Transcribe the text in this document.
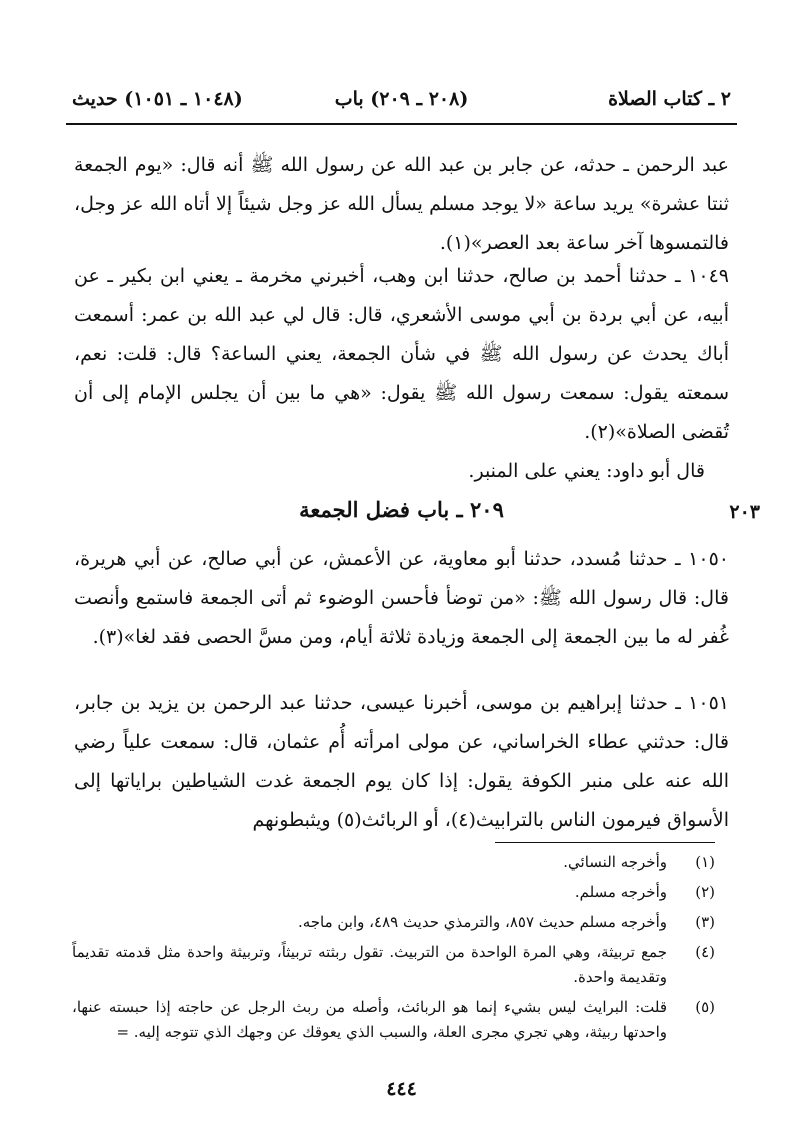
٢ ـ كتاب الصلاة
(٢٠٨ ـ ٢٠٩) باب
(١٠٤٨ ـ ١٠٥١) حديث

عبد الرحمن ـ حدثه، عن جابر بن عبد الله عن رسول الله ﷺ أنه قال: «يوم الجمعة ثنتا عشرة» يريد ساعة «لا يوجد مسلم يسأل الله عز وجل شيئاً إلا أتاه الله عز وجل، فالتمسوها آخر ساعة بعد العصر»(١).

١٠٤٩ ـ حدثنا أحمد بن صالح، حدثنا ابن وهب، أخبرني مخرمة ـ يعني ابن بكير ـ عن أبيه، عن أبي بردة بن أبي موسى الأشعري، قال: قال لي عبد الله بن عمر: أسمعت أباك يحدث عن رسول الله ﷺ في شأن الجمعة، يعني الساعة؟ قال: قلت: نعم، سمعته يقول: سمعت رسول الله ﷺ يقول: «هي ما بين أن يجلس الإمام إلى أن تُقضى الصلاة»(٢).

قال أبو داود: يعني على المنبر.

٢٠٩ ـ باب فضل الجمعة	٢٠٣

١٠٥٠ ـ حدثنا مُسدد، حدثنا أبو معاوية، عن الأعمش، عن أبي صالح، عن أبي هريرة، قال: قال رسول الله ﷺ: «من توضأ فأحسن الوضوء ثم أتى الجمعة فاستمع وأنصت غُفر له ما بين الجمعة إلى الجمعة وزيادة ثلاثة أيام، ومن مسَّ الحصى فقد لغا»(٣).

١٠٥١ ـ حدثنا إبراهيم بن موسى، أخبرنا عيسى، حدثنا عبد الرحمن بن يزيد بن جابر، قال: حدثني عطاء الخراساني، عن مولى امرأته أُم عثمان، قال: سمعت علياً رضي الله عنه على منبر الكوفة يقول: إذا كان يوم الجمعة غدت الشياطين براياتها إلى الأسواق فيرمون الناس بالترابيث(٤)، أو الربائث(٥) ويثبطونهم

(١)
وأخرجه النسائي.
(٢)
وأخرجه مسلم.
(٣)
وأخرجه مسلم حديث ٨٥٧، والترمذي حديث ٤٨٩، وابن ماجه.
(٤)
جمع تربيثة، وهي المرة الواحدة من التربيث. تقول ربثته تربيثاً، وتربيثة واحدة مثل قدمته تقديماً وتقديمة واحدة.
(٥)
قلت: البرايث ليس بشيء إنما هو الربائث، وأصله من ربث الرجل عن حاجته إذا حبسته عنها، واحدتها ربيثة، وهي تجري مجرى العلة، والسبب الذي يعوقك عن وجهك الذي تتوجه إليه. =
٤٤٤
